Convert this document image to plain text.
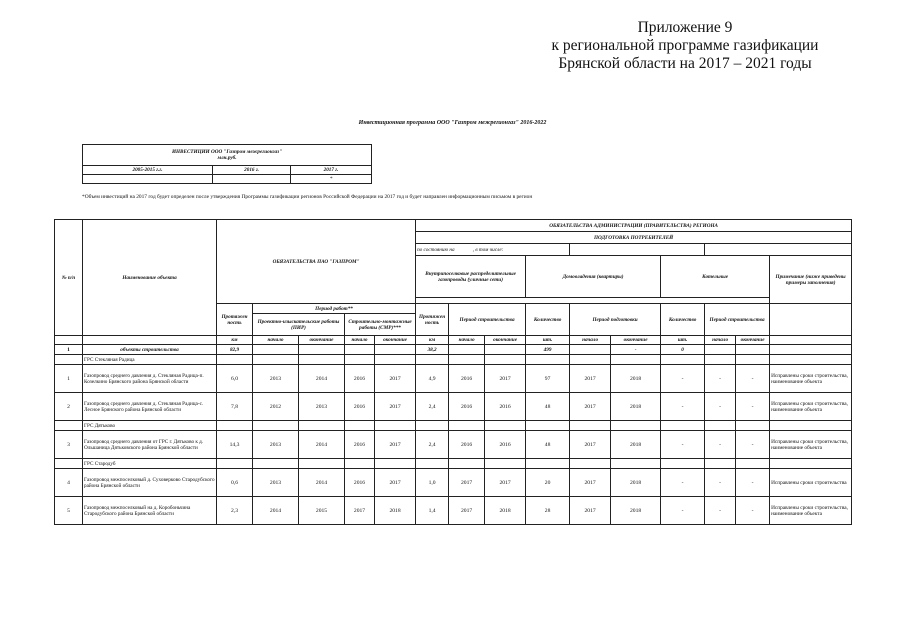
Приложение 9
к региональной программе газификации
Брянской области на 2017 – 2021 годы
Инвестиционная программа ООО "Газпром межрегионгаз" 2016-2022
ИНВЕСТИЦИИ ООО "Газпром межрегионгаз"
млн.руб.		
2005-2015 г.г.	2016 г.	2017 г.
		*
*Объем инвестиций на 2017 год будет определен после утверждения Программы газификации регионов Российской Федерации на 2017 год и будет направлен информационным письмом в регион
№ п/п	Наименование объекта	ОБЯЗАТЕЛЬСТВА ПАО "ГАЗПРОМ"					ОБЯЗАТЕЛЬСТВА АДМИНИСТРАЦИИ (ПРАВИТЕЛЬСТВА) РЕГИОНА									
							ПОДГОТОВКА ПОТРЕБИТЕЛЕЙ									
							по состоянию на , в том числе:									
							Внутрипоселковые распределительные газопроводы (уличные сети)			Домовладения (квартиры)			Котельные			Примечание (ниже приведены примеры заполнения)

		Протяжен ность	Период работ**				Протяжен ность	Период строительства		Количество	Период подготовки		Количество	Период строительства		
			Проектно-изыскательские работы (ПИР)		Строительно-монтажные работы (СМР)***											
		км	начало	окончание	начало	окончание	км	начало	окончание	шт.	начало	окончание	шт.	начало	окончание	
1	объекты строительства	82,9					38,2			499		-	0			
	ГРС Стекляная Радица															
1	Газопровод среднего давления д. Стекляная Радица-п. Козелкино Брянского района Брянской области	6,0	2013	2014	2016	2017	4,9	2016	2017	97	2017	2018	-	-	-	Исправлены сроки строительства, наименование объекта
2	Газопровод среднего давления д. Стекляная Радица-с. Лесное Брянского района Брянской области	7,8	2012	2013	2016	2017	2,4	2016	2016	48	2017	2018	-	-	-	Исправлены сроки строительства, наименование объекта
	ГРС Дятьково															
3	Газопровод среднего давления от ГРС г. Дятьково к д. Ольшаница Дятьковского района Брянской области	14,3	2013	2014	2016	2017	2,4	2016	2016	48	2017	2018	-	-	-	Исправлены сроки строительства, наименование объекта
	ГРС Стародуб															
4	Газопровод межпоселковый д. Суховерково Стародубского района Брянской области	0,6	2013	2014	2016	2017	1,0	2017	2017	20	2017	2018	-	-	-	Исправлены сроки строительства
5	Газопровод межпоселковый на д. Коробоньчина Стародубского района Брянской области	2,3	2014	2015	2017	2018	1,4	2017	2018	28	2017	2018	-	-	-	Исправлены сроки строительства, наименование объекта
